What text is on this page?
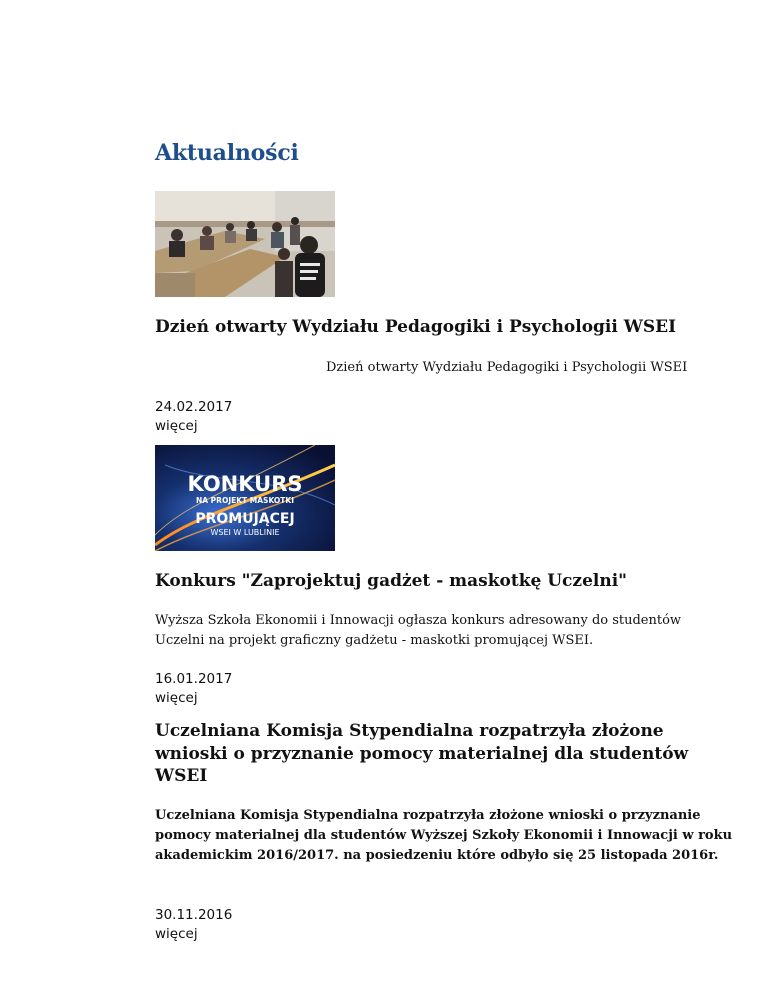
Aktualności
Dzień otwarty Wydziału Pedagogiki i Psychologii WSEI

Dzień otwarty Wydziału Pedagogiki i Psychologii WSEI

24.02.2017
więcej
KONKURS
NA PROJEKT MASKOTKI
PROMUJĄCEJ
WSEI W LUBLINIE
Konkurs "Zaprojektuj gadżet - maskotkę Uczelni"

Wyższa Szkoła Ekonomii i Innowacji ogłasza konkurs adresowany do studentów Uczelni na projekt graficzny gadżetu - maskotki promującej WSEI.

16.01.2017
więcej
Uczelniana Komisja Stypendialna rozpatrzyła złożone wnioski o przyznanie pomocy materialnej dla studentów WSEI

Uczelniana Komisja Stypendialna rozpatrzyła złożone wnioski o przyznanie pomocy materialnej dla studentów Wyższej Szkoły Ekonomii i Innowacji w roku akademickim 2016/2017. na posiedzeniu które odbyło się 25 listopada 2016r.

30.11.2016
więcej
